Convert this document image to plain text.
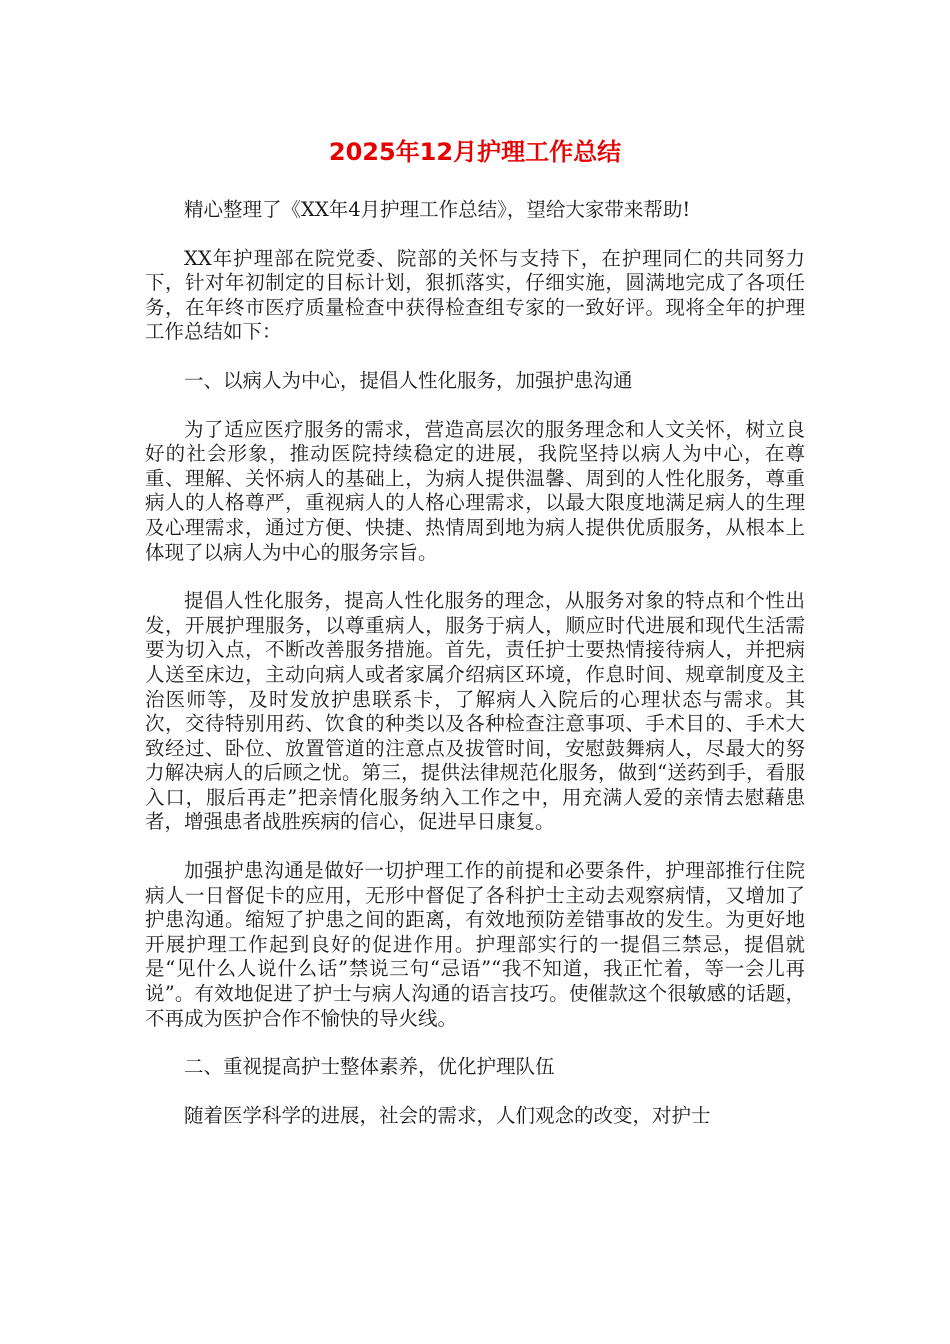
2025年12月护理工作总结

精心整理了《XX年4月护理工作总结》，望给大家带来帮助!

XX年护理部在院党委、院部的关怀与支持下，在护理同仁的共同努力下，针对年初制定的目标计划，狠抓落实，仔细实施，圆满地完成了各项任务，在年终市医疗质量检查中获得检查组专家的一致好评。现将全年的护理工作总结如下：

一、以病人为中心，提倡人性化服务，加强护患沟通

为了适应医疗服务的需求，营造高层次的服务理念和人文关怀，树立良好的社会形象，推动医院持续稳定的进展，我院坚持以病人为中心，在尊重、理解、关怀病人的基础上，为病人提供温馨、周到的人性化服务，尊重病人的人格尊严，重视病人的人格心理需求，以最大限度地满足病人的生理及心理需求，通过方便、快捷、热情周到地为病人提供优质服务，从根本上体现了以病人为中心的服务宗旨。

提倡人性化服务，提高人性化服务的理念，从服务对象的特点和个性出发，开展护理服务，以尊重病人，服务于病人，顺应时代进展和现代生活需要为切入点，不断改善服务措施。首先，责任护士要热情接待病人，并把病人送至床边，主动向病人或者家属介绍病区环境，作息时间、规章制度及主治医师等，及时发放护患联系卡，了解病人入院后的心理状态与需求。其次，交待特别用药、饮食的种类以及各种检查注意事项、手术目的、手术大致经过、卧位、放置管道的注意点及拔管时间，安慰鼓舞病人，尽最大的努力解决病人的后顾之忧。第三，提供法律规范化服务，做到“送药到手，看服入口，服后再走”把亲情化服务纳入工作之中，用充满人爱的亲情去慰藉患者，增强患者战胜疾病的信心，促进早日康复。

加强护患沟通是做好一切护理工作的前提和必要条件，护理部推行住院病人一日督促卡的应用，无形中督促了各科护士主动去观察病情，又增加了护患沟通。缩短了护患之间的距离，有效地预防差错事故的发生。为更好地开展护理工作起到良好的促进作用。护理部实行的一提倡三禁忌，提倡就是“见什么人说什么话”禁说三句“忌语”“我不知道，我正忙着，等一会儿再说”。有效地促进了护士与病人沟通的语言技巧。使催款这个很敏感的话题，不再成为医护合作不愉快的导火线。

二、重视提高护士整体素养，优化护理队伍

随着医学科学的进展，社会的需求，人们观念的改变，对护士
